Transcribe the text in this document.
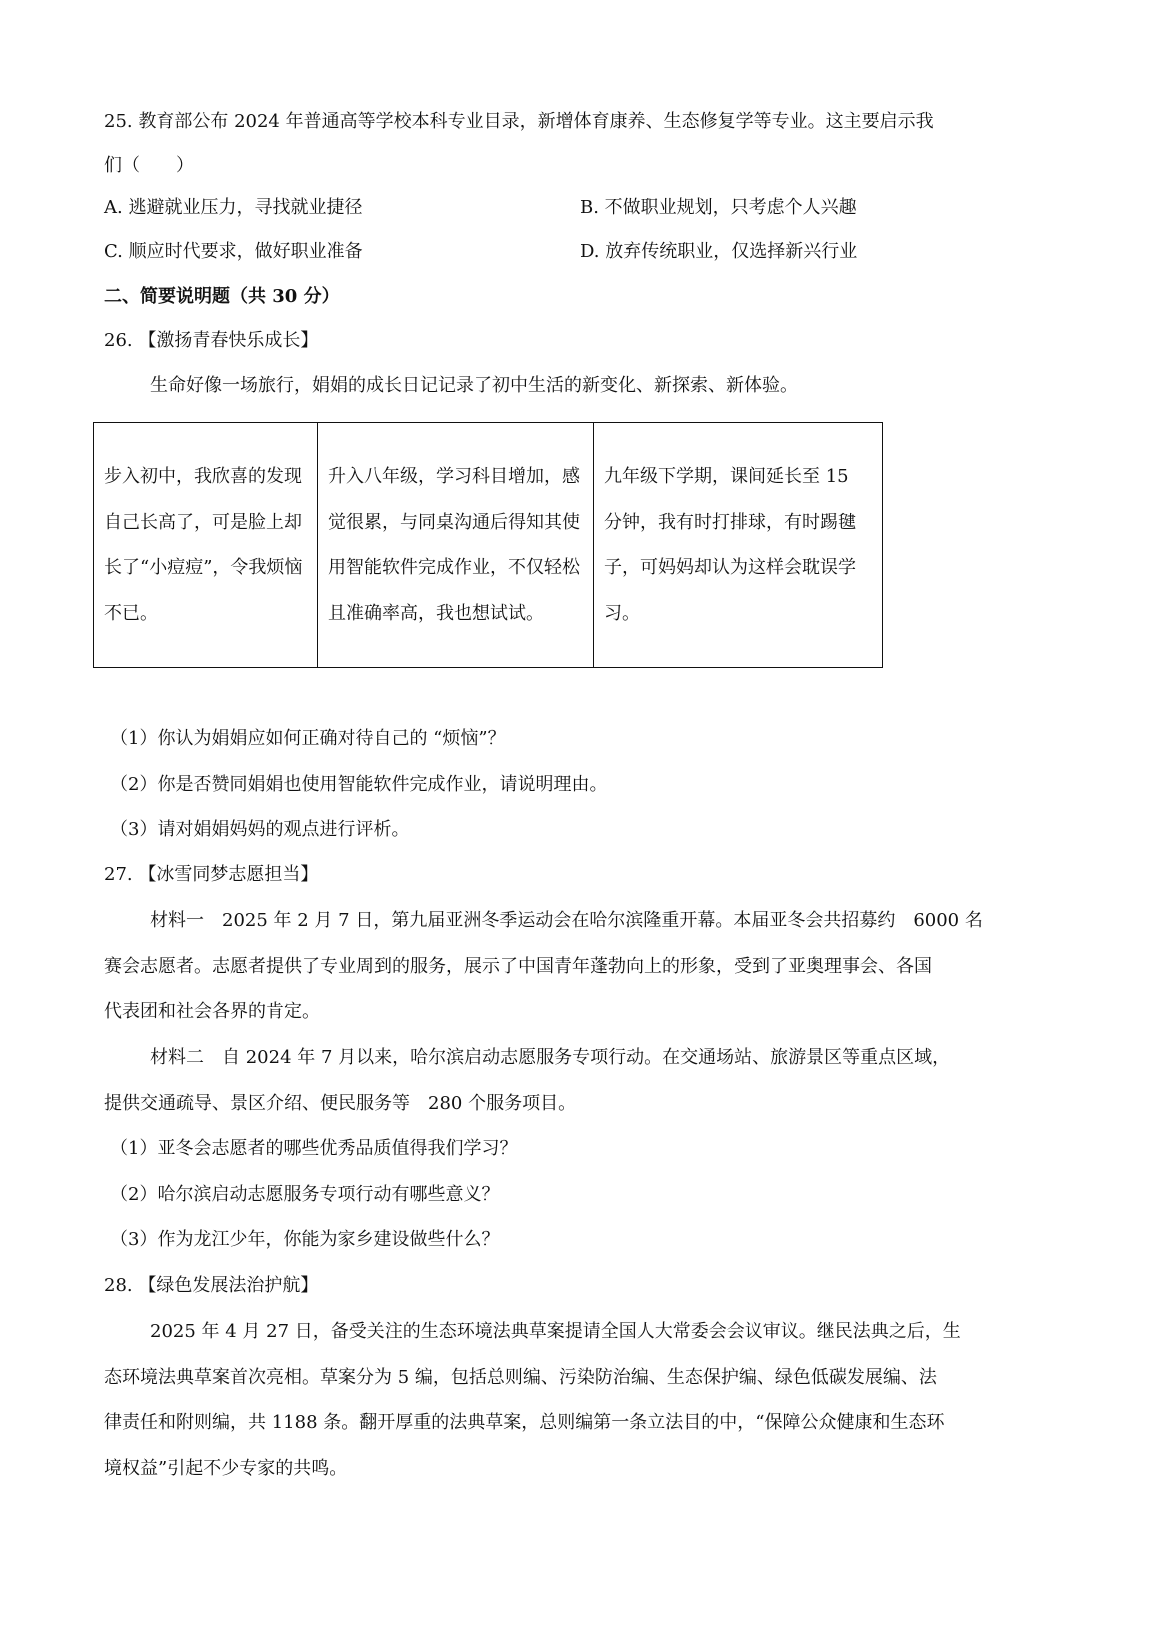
25. 教育部公布 2024 年普通高等学校本科专业目录，新增体育康养、生态修复学等专业。这主要启示我
们（　　）
A. 逃避就业压力，寻找就业捷径	B. 不做职业规划，只考虑个人兴趣
C. 顺应时代要求，做好职业准备	D. 放弃传统职业，仅选择新兴行业
二、简要说明题（共 30 分）
26. 【激扬青春快乐成长】
生命好像一场旅行，娟娟的成长日记记录了初中生活的新变化、新探索、新体验。
步入初中，我欣喜的发现自己长高了，可是脸上却长了“小痘痘”，令我烦恼不已。	升入八年级，学习科目增加，感觉很累，与同桌沟通后得知其使用智能软件完成作业，不仅轻松且准确率高，我也想试试。	九年级下学期，课间延长至 15 分钟，我有时打排球，有时踢毽子，可妈妈却认为这样会耽误学习。
（1）你认为娟娟应如何正确对待自己的 “烦恼”？
（2）你是否赞同娟娟也使用智能软件完成作业，请说明理由。
（3）请对娟娟妈妈的观点进行评析。
27. 【冰雪同梦志愿担当】
材料一　2025 年 2 月 7 日，第九届亚洲冬季运动会在哈尔滨隆重开幕。本届亚冬会共招募约　6000 名
赛会志愿者。志愿者提供了专业周到的服务，展示了中国青年蓬勃向上的形象，受到了亚奥理事会、各国
代表团和社会各界的肯定。
材料二　自 2024 年 7 月以来，哈尔滨启动志愿服务专项行动。在交通场站、旅游景区等重点区域，
提供交通疏导、景区介绍、便民服务等　280 个服务项目。
（1）亚冬会志愿者的哪些优秀品质值得我们学习？
（2）哈尔滨启动志愿服务专项行动有哪些意义？
（3）作为龙江少年，你能为家乡建设做些什么？
28. 【绿色发展法治护航】
2025 年 4 月 27 日，备受关注的生态环境法典草案提请全国人大常委会会议审议。继民法典之后，生
态环境法典草案首次亮相。草案分为 5 编，包括总则编、污染防治编、生态保护编、绿色低碳发展编、法
律责任和附则编，共 1188 条。翻开厚重的法典草案，总则编第一条立法目的中，“保障公众健康和生态环
境权益”引起不少专家的共鸣。
